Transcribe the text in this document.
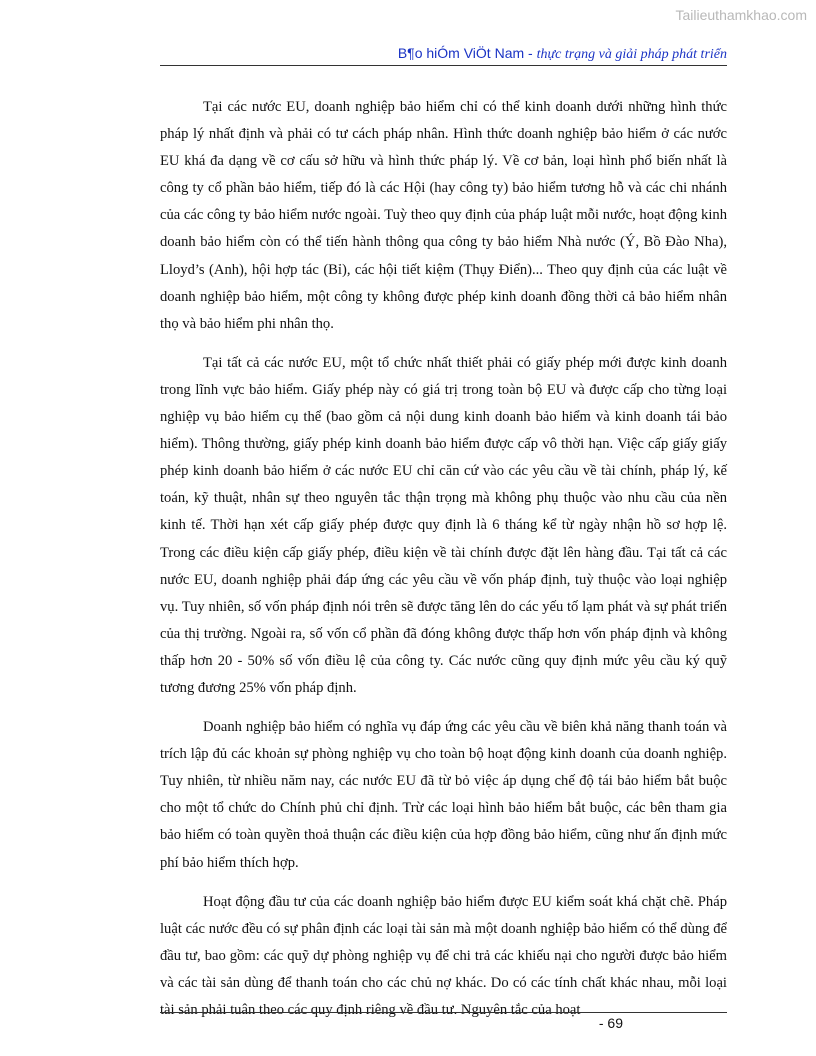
Tailieuthamkhao.com
B¶o hiÓm ViÖt Nam - thực trạng và giải pháp phát triển

Tại các nước EU, doanh nghiệp bảo hiểm chỉ có thể kinh doanh dưới những hình thức pháp lý nhất định và phải có tư cách pháp nhân. Hình thức doanh nghiệp bảo hiểm ở các nước EU khá đa dạng về cơ cấu sở hữu và hình thức pháp lý. Về cơ bản, loại hình phổ biến nhất là công ty cổ phần bảo hiểm, tiếp đó là các Hội (hay công ty) bảo hiểm tương hỗ và các chi nhánh của các công ty bảo hiểm nước ngoài. Tuỳ theo quy định của pháp luật mỗi nước, hoạt động kinh doanh bảo hiểm còn có thể tiến hành thông qua công ty bảo hiểm Nhà nước (Ý, Bồ Đào Nha), Lloyd’s (Anh), hội hợp tác (Bỉ), các hội tiết kiệm (Thụy Điển)... Theo quy định của các luật về doanh nghiệp bảo hiểm, một công ty không được phép kinh doanh đồng thời cả bảo hiểm nhân thọ và bảo hiểm phi nhân thọ.

Tại tất cả các nước EU, một tổ chức nhất thiết phải có giấy phép mới được kinh doanh trong lĩnh vực bảo hiểm. Giấy phép này có giá trị trong toàn bộ EU và được cấp cho từng loại nghiệp vụ bảo hiểm cụ thể (bao gồm cả nội dung kinh doanh bảo hiểm và kinh doanh tái bảo hiểm). Thông thường, giấy phép kinh doanh bảo hiểm được cấp vô thời hạn. Việc cấp giấy giấy phép kinh doanh bảo hiểm ở các nước EU chỉ căn cứ vào các yêu cầu về tài chính, pháp lý, kế toán, kỹ thuật, nhân sự theo nguyên tắc thận trọng mà không phụ thuộc vào nhu cầu của nền kinh tế. Thời hạn xét cấp giấy phép được quy định là 6 tháng kể từ ngày nhận hồ sơ hợp lệ. Trong các điều kiện cấp giấy phép, điều kiện về tài chính được đặt lên hàng đầu. Tại tất cả các nước EU, doanh nghiệp phải đáp ứng các yêu cầu về vốn pháp định, tuỳ thuộc vào loại nghiệp vụ. Tuy nhiên, số vốn pháp định nói trên sẽ được tăng lên do các yếu tố lạm phát và sự phát triển của thị trường. Ngoài ra, số vốn cổ phần đã đóng không được thấp hơn vốn pháp định và không thấp hơn 20 - 50% số vốn điều lệ của công ty. Các nước cũng quy định mức yêu cầu ký quỹ tương đương 25% vốn pháp định.

Doanh nghiệp bảo hiểm có nghĩa vụ đáp ứng các yêu cầu về biên khả năng thanh toán và trích lập đủ các khoản sự phòng nghiệp vụ cho toàn bộ hoạt động kinh doanh của doanh nghiệp. Tuy nhiên, từ nhiều năm nay, các nước EU đã từ bỏ việc áp dụng chế độ tái bảo hiểm bắt buộc cho một tổ chức do Chính phủ chỉ định. Trừ các loại hình bảo hiểm bắt buộc, các bên tham gia bảo hiểm có toàn quyền thoả thuận các điều kiện của hợp đồng bảo hiểm, cũng như ấn định mức phí bảo hiểm thích hợp.

Hoạt động đầu tư của các doanh nghiệp bảo hiểm được EU kiểm soát khá chặt chẽ. Pháp luật các nước đều có sự phân định các loại tài sản mà một doanh nghiệp bảo hiểm có thể dùng để đầu tư, bao gồm: các quỹ dự phòng nghiệp vụ để chi trả các khiếu nại cho người được bảo hiểm và các tài sản dùng để thanh toán cho các chủ nợ khác. Do có các tính chất khác nhau, mỗi loại tài sản phải tuân theo các quy định riêng về đầu tư. Nguyên tắc của hoạt

- 69
